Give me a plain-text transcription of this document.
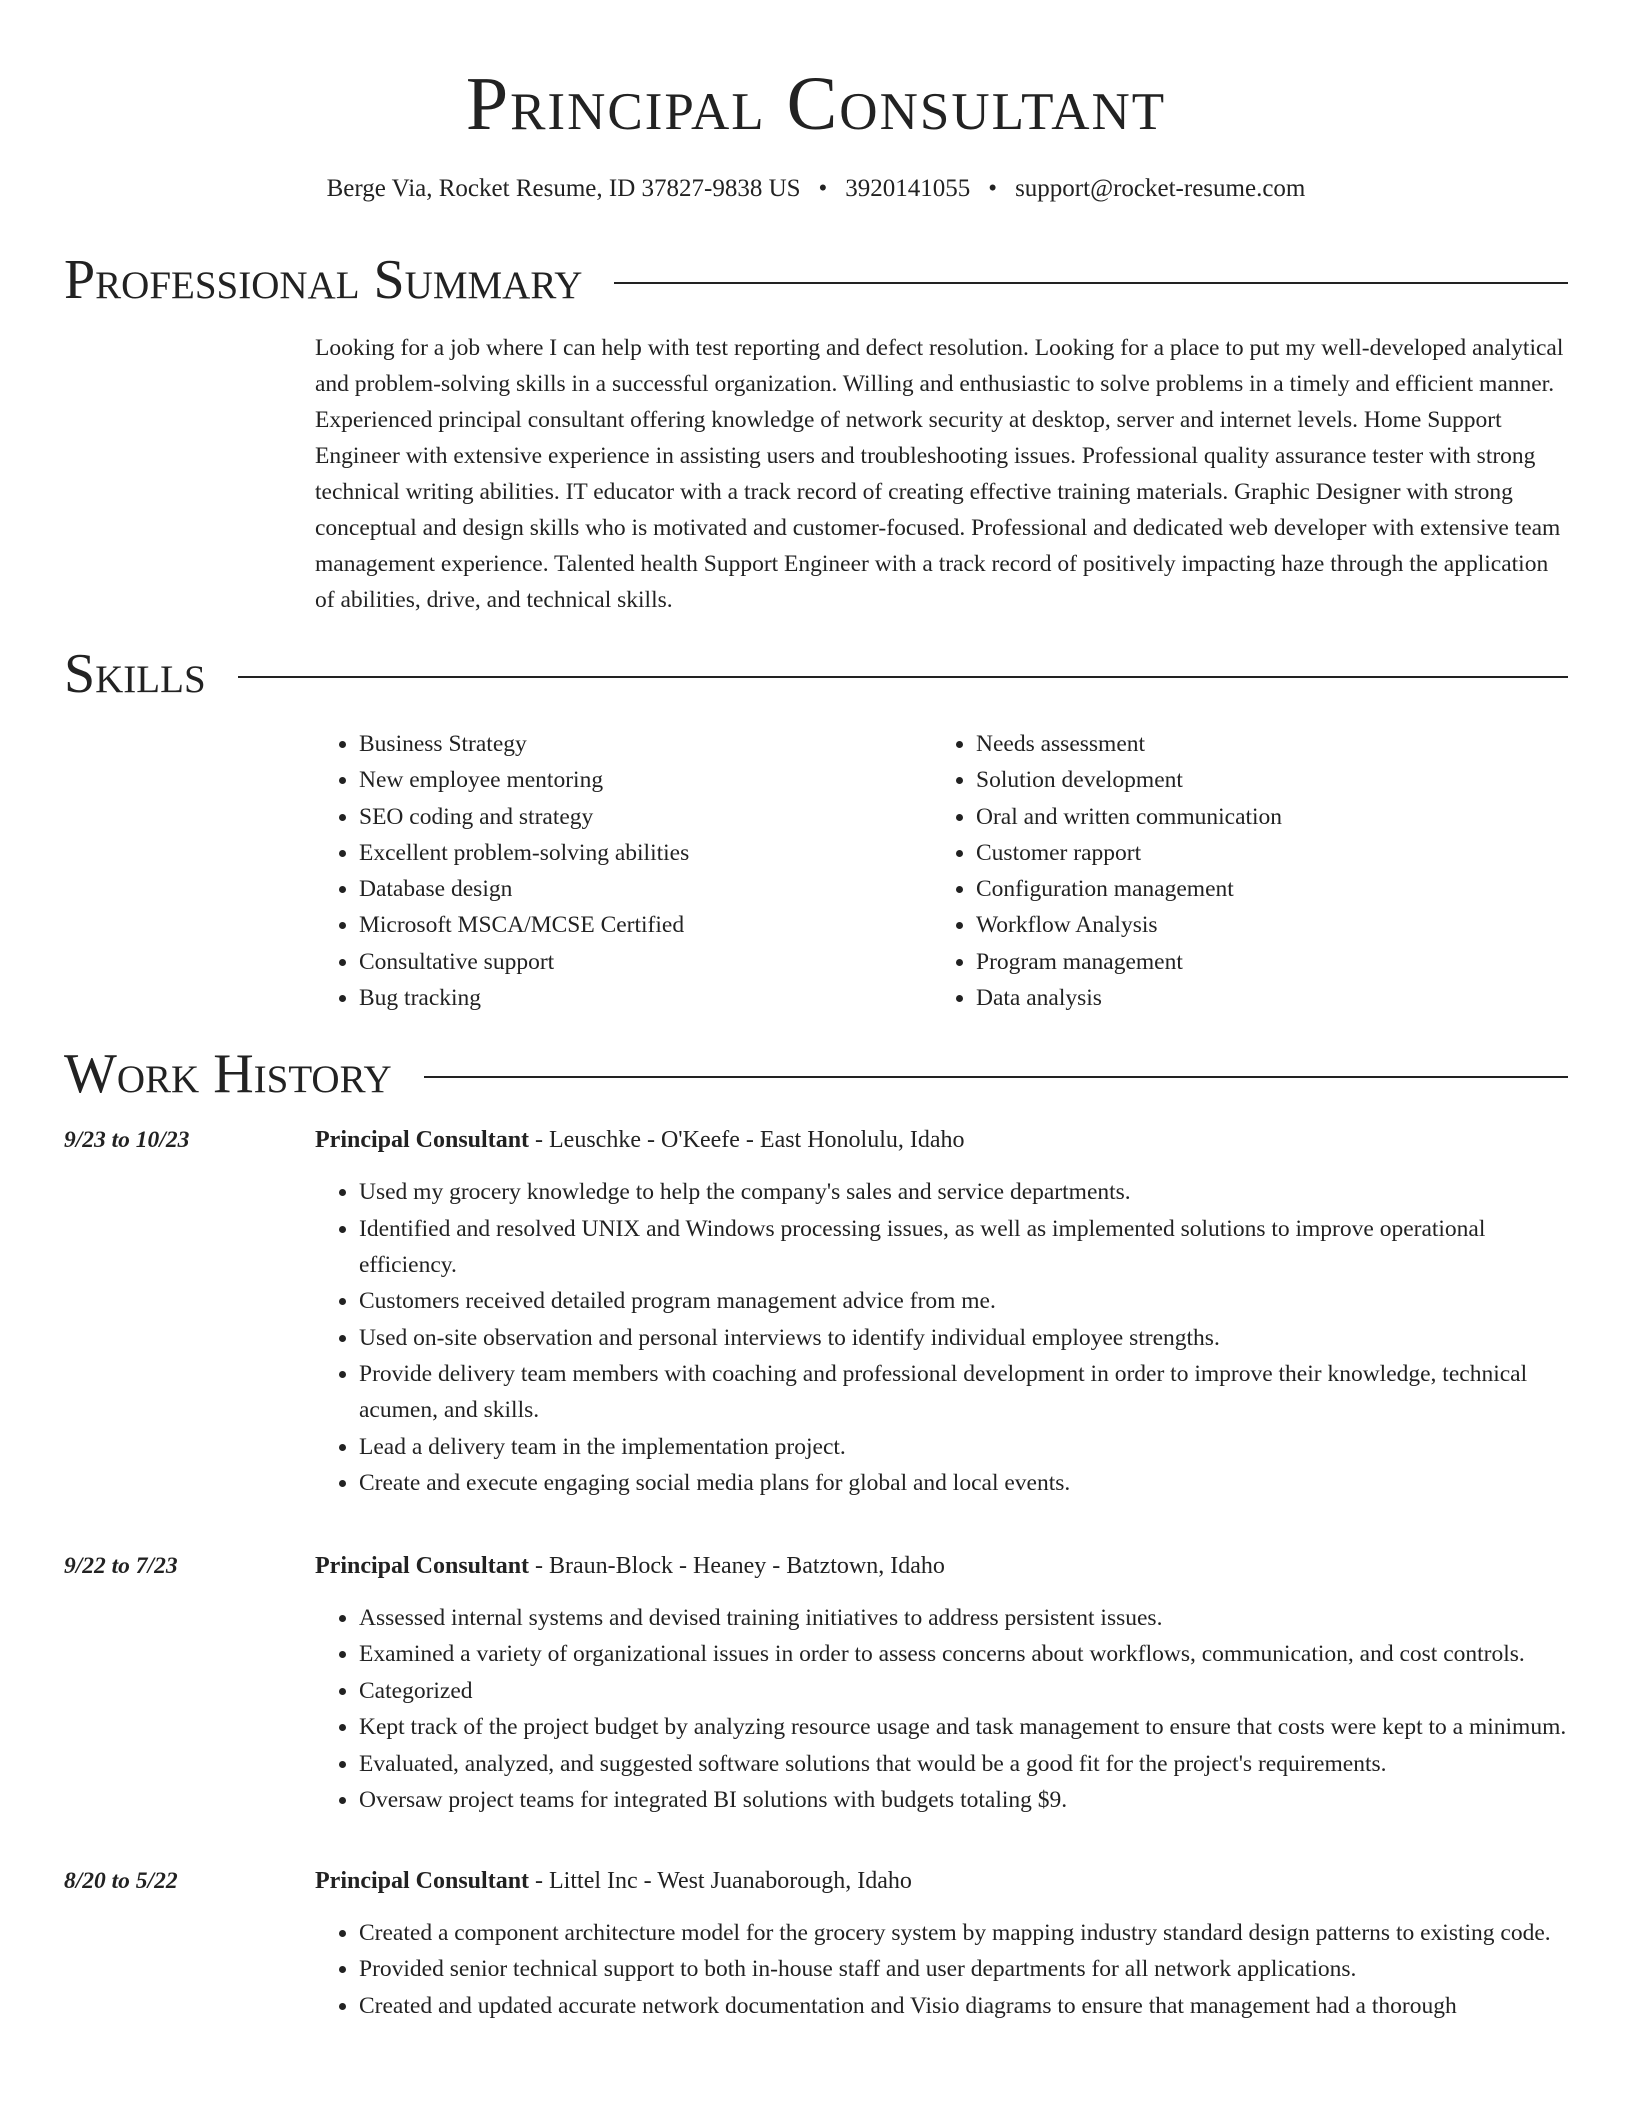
Principal Consultant
Berge Via, Rocket Resume, ID 37827-9838 US • 3920141055 • support@rocket-resume.com
Professional Summary

Looking for a job where I can help with test reporting and defect resolution. Looking for a place to put my well-developed analytical and problem-solving skills in a successful organization. Willing and enthusiastic to solve problems in a timely and efficient manner. Experienced principal consultant offering knowledge of network security at desktop, server and internet levels. Home Support Engineer with extensive experience in assisting users and troubleshooting issues. Professional quality assurance tester with strong technical writing abilities. IT educator with a track record of creating effective training materials. Graphic Designer with strong conceptual and design skills who is motivated and customer-focused. Professional and dedicated web developer with extensive team management experience. Talented health Support Engineer with a track record of positively impacting haze through the application of abilities, drive, and technical skills.

Skills
• Business Strategy
• New employee mentoring
• SEO coding and strategy
• Excellent problem-solving abilities
• Database design
• Microsoft MSCA/MCSE Certified
• Consultative support
• Bug tracking
• Needs assessment
• Solution development
• Oral and written communication
• Customer rapport
• Configuration management
• Workflow Analysis
• Program management
• Data analysis
Work History
9/23 to 10/23	Principal Consultant - Leuschke - O'Keefe - East Honolulu, Idaho
• Used my grocery knowledge to help the company's sales and service departments.
• Identified and resolved UNIX and Windows processing issues, as well as implemented solutions to improve operational efficiency.
• Customers received detailed program management advice from me.
• Used on-site observation and personal interviews to identify individual employee strengths.
• Provide delivery team members with coaching and professional development in order to improve their knowledge, technical acumen, and skills.
• Lead a delivery team in the implementation project.
• Create and execute engaging social media plans for global and local events.
9/22 to 7/23	Principal Consultant - Braun-Block - Heaney - Batztown, Idaho
• Assessed internal systems and devised training initiatives to address persistent issues.
• Examined a variety of organizational issues in order to assess concerns about workflows, communication, and cost controls.
• Categorized
• Kept track of the project budget by analyzing resource usage and task management to ensure that costs were kept to a minimum.
• Evaluated, analyzed, and suggested software solutions that would be a good fit for the project's requirements.
• Oversaw project teams for integrated BI solutions with budgets totaling $9.
8/20 to 5/22	Principal Consultant - Littel Inc - West Juanaborough, Idaho
• Created a component architecture model for the grocery system by mapping industry standard design patterns to existing code.
• Provided senior technical support to both in-house staff and user departments for all network applications.
• Created and updated accurate network documentation and Visio diagrams to ensure that management had a thorough
